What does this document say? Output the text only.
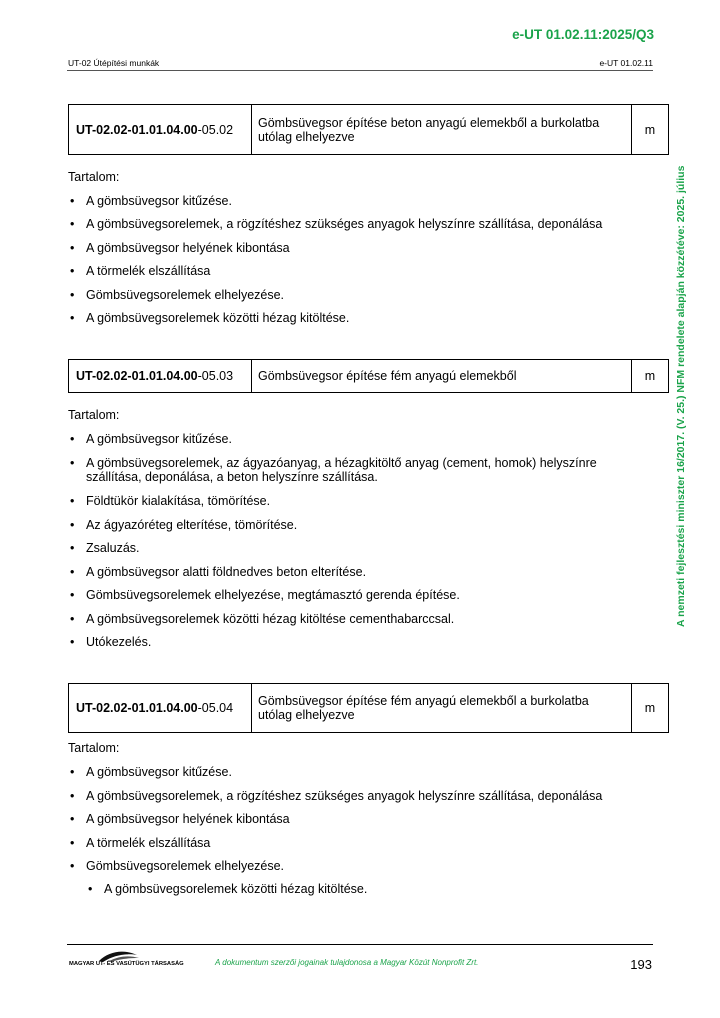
e-UT 01.02.11:2025/Q3
UT-02 Útépítési munkák	e-UT 01.02.11
A nemzeti fejlesztési miniszter 16/2017. (V. 25.) NFM rendelete alapján közzétéve: 2025. július
UT-02.02-01.01.04.00 -05.02	Gömbsüvegsor építése beton anyagú elemekből a burkolatba utólag elhelyezve	m
Tartalom:
• A gömbsüvegsor kitűzése.
• A gömbsüvegsorelemek, a rögzítéshez szükséges anyagok helyszínre szállítása, deponálása
• A gömbsüvegsor helyének kibontása
• A törmelék elszállítása
• Gömbsüvegsorelemek elhelyezése.
• A gömbsüvegsorelemek közötti hézag kitöltése.
UT-02.02-01.01.04.00 -05.03	Gömbsüvegsor építése fém anyagú elemekből	m
Tartalom:
• A gömbsüvegsor kitűzése.
• A gömbsüvegsorelemek, az ágyazóanyag, a hézagkitöltő anyag (cement, homok) helyszínre szállítása, deponálása, a beton helyszínre szállítása.
• Földtükör kialakítása, tömörítése.
• Az ágyazóréteg elterítése, tömörítése.
• Zsaluzás.
• A gömbsüvegsor alatti földnedves beton elterítése.
• Gömbsüvegsorelemek elhelyezése, megtámasztó gerenda építése.
• A gömbsüvegsorelemek közötti hézag kitöltése cementhabarccsal.
• Utókezelés.
UT-02.02-01.01.04.00 -05.04	Gömbsüvegsor építése fém anyagú elemekből a burkolatba utólag elhelyezve	m
Tartalom:
• A gömbsüvegsor kitűzése.
• A gömbsüvegsorelemek, a rögzítéshez szükséges anyagok helyszínre szállítása, deponálása
• A gömbsüvegsor helyének kibontása
• A törmelék elszállítása
• Gömbsüvegsorelemek elhelyezése.
• A gömbsüvegsorelemek közötti hézag kitöltése.
MAGYAR UT- ÉS VASÚTÜGYI TÁRSASÁG	A dokumentum szerzői jogainak tulajdonosa a Magyar Közút Nonprofit Zrt.	193
